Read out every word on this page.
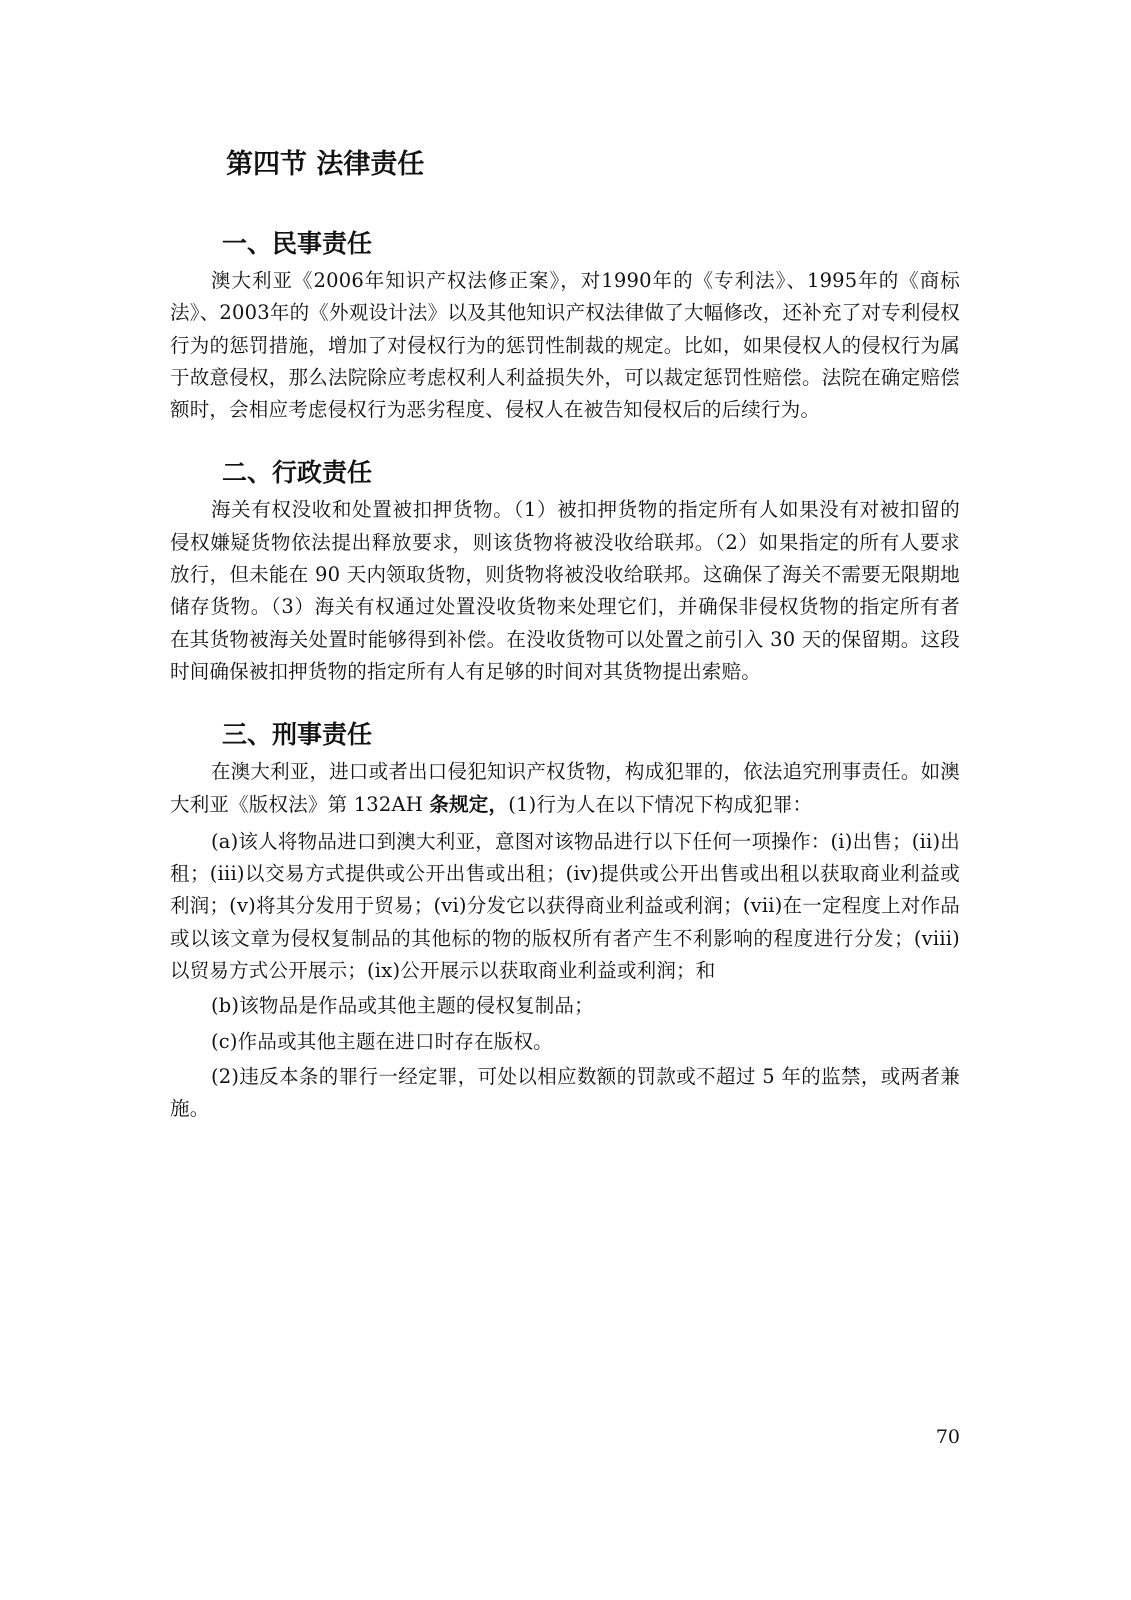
第四节 法律责任
一、民事责任

澳大利亚《2006年知识产权法修正案》，对1990年的《专利法》、1995年的《商标法》、2003年的《外观设计法》以及其他知识产权法律做了大幅修改，还补充了对专利侵权行为的惩罚措施，增加了对侵权行为的惩罚性制裁的规定。比如，如果侵权人的侵权行为属于故意侵权，那么法院除应考虑权利人利益损失外，可以裁定惩罚性赔偿。法院在确定赔偿额时，会相应考虑侵权行为恶劣程度、侵权人在被告知侵权后的后续行为。

二、行政责任

海关有权没收和处置被扣押货物。（1）被扣押货物的指定所有人如果没有对被扣留的侵权嫌疑货物依法提出释放要求，则该货物将被没收给联邦。（2）如果指定的所有人要求放行，但未能在 90 天内领取货物，则货物将被没收给联邦。这确保了海关不需要无限期地储存货物。（3）海关有权通过处置没收货物来处理它们，并确保非侵权货物的指定所有者在其货物被海关处置时能够得到补偿。在没收货物可以处置之前引入 30 天的保留期。这段时间确保被扣押货物的指定所有人有足够的时间对其货物提出索赔。

三、刑事责任

在澳大利亚，进口或者出口侵犯知识产权货物，构成犯罪的，依法追究刑事责任。如澳大利亚《版权法》第 132AH 条规定，(1)行为人在以下情况下构成犯罪：

(a)该人将物品进口到澳大利亚，意图对该物品进行以下任何一项操作：(i)出售；(ii)出租；(iii)以交易方式提供或公开出售或出租；(iv)提供或公开出售或出租以获取商业利益或利润；(v)将其分发用于贸易；(vi)分发它以获得商业利益或利润；(vii)在一定程度上对作品或以该文章为侵权复制品的其他标的物的版权所有者产生不利影响的程度进行分发；(viii)以贸易方式公开展示；(ix)公开展示以获取商业利益或利润；和

(b)该物品是作品或其他主题的侵权复制品；

(c)作品或其他主题在进口时存在版权。

(2)违反本条的罪行一经定罪，可处以相应数额的罚款或不超过 5 年的监禁，或两者兼施。

70
